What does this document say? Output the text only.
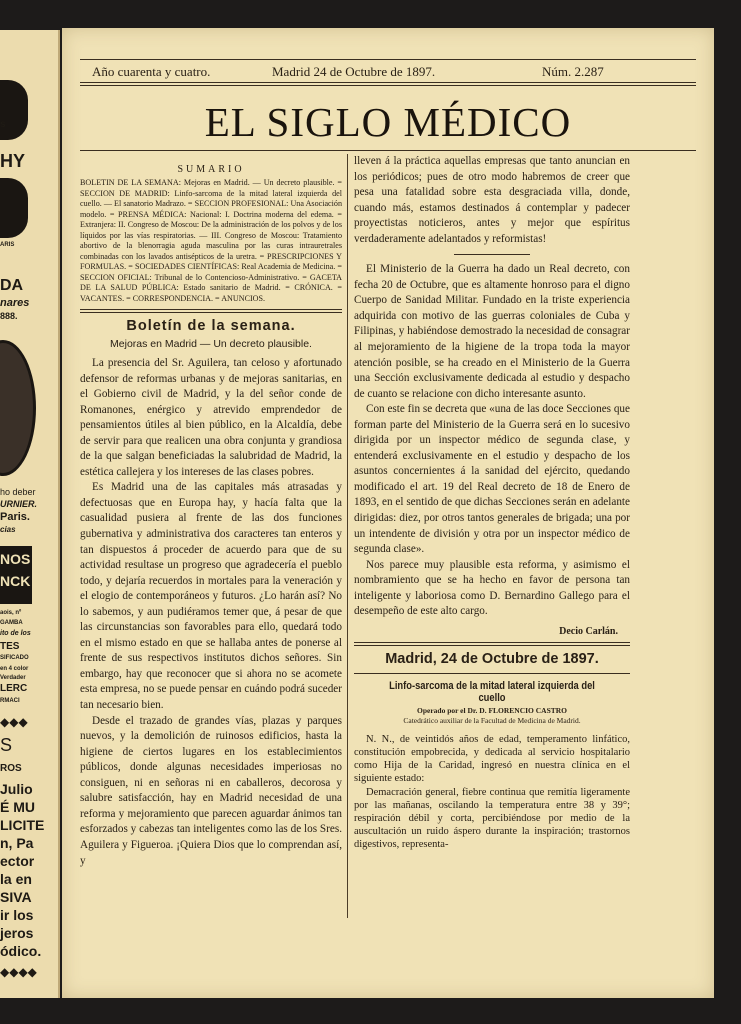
s
HY
ARIS
DA
nares
888.
ho deber
URNIER.
Paris.
cias
NOS
NCK
aois, nº
GAMBA
ito de los
TES
SIFICADO
en 4 color
Verdader
LERC
RMACI
◆◆◆
S
ROS
Julio
É MU
LICITE
n, Pa
ector
la en
SIVA
ir los
jeros
ódico.
◆◆◆◆
Año cuarenta y cuatro.	Madrid 24 de Octubre de 1897.	Núm. 2.287
EL SIGLO MÉDICO
SUMARIO

BOLETIN DE LA SEMANA: Mejoras en Madrid. — Un decreto plausible. = SECCION DE MADRID: Linfo-sarcoma de la mitad lateral izquierda del cuello. — El sanatorio Madrazo. = SECCION PROFESIONAL: Una Asociación modelo. = PRENSA MÉDICA: Nacional: I. Doctrina moderna del edema. = Extranjera: II. Congreso de Moscou: De la administración de los polvos y de los líquidos por las vías respiratorias. — III. Congreso de Moscou: Tratamiento abortivo de la blenorragia aguda masculina por las curas intrauretrales combinadas con los lavados antisépticos de la uretra. = PRESCRIPCIONES Y FORMULAS. = SOCIEDADES CIENTÍFICAS: Real Academia de Medicina. = SECCION OFICIAL: Tribunal de lo Contencioso-Administrativo. = GACETA DE LA SALUD PÚBLICA: Estado sanitario de Madrid. = CRÓNICA. = VACANTES. = CORRESPONDENCIA. = ANUNCIOS.

Boletín de la semana.
Mejoras en Madrid — Un decreto plausible.

La presencia del Sr. Aguilera, tan celoso y afortunado defensor de reformas urbanas y de mejoras sanitarias, en el Gobierno civil de Madrid, y la del señor conde de Romanones, enérgico y atrevido emprendedor de pensamientos útiles al bien público, en la Alcaldía, debe de servir para que realicen una obra conjunta y grandiosa de la que salgan beneficiadas la salubridad de Madrid, la estética callejera y los intereses de las clases pobres.

Es Madrid una de las capitales más atrasadas y defectuosas que en Europa hay, y hacía falta que la casualidad pusiera al frente de las dos funciones gubernativa y administrativa dos caracteres tan enteros y tan dispuestos á proceder de acuerdo para que de su actividad resultase un progreso que agradecería el pueblo todo, y dejaría recuerdos in mortales para la veneración y el elogio de contemporáneos y futuros. ¿Lo harán así? No lo sabemos, y aun pudiéramos temer que, á pesar de que las circunstancias son favorables para ello, quedará todo en el mismo estado en que se hallaba antes de ponerse al frente de sus respectivos institutos dichos señores. Sin embargo, hay que reconocer que si ahora no se acomete esta empresa, no se puede pensar en cuándo podrá suceder tan necesario bien.

Desde el trazado de grandes vías, plazas y parques nuevos, y la demolición de ruinosos edificios, hasta la higiene de ciertos lugares en los establecimientos públicos, donde algunas necesidades imperiosas no consiguen, ni en señoras ni en caballeros, decorosa y salubre satisfacción, hay en Madrid necesidad de una reforma y mejoramiento que parecen aguardar ánimos tan esforzados y cabezas tan inteligentes como las de los Sres. Aguilera y Figueroa. ¡Quiera Dios que lo comprendan así, y

lleven á la práctica aquellas empresas que tanto anuncian en los periódicos; pues de otro modo habremos de creer que pesa una fatalidad sobre esta desgraciada villa, donde, cuando más, estamos destinados á contemplar y padecer proyectistas noticieros, antes y mejor que espíritus verdaderamente adelantados y reformistas!

El Ministerio de la Guerra ha dado un Real decreto, con fecha 20 de Octubre, que es altamente honroso para el digno Cuerpo de Sanidad Militar. Fundado en la triste experiencia adquirida con motivo de las guerras coloniales de Cuba y Filipinas, y habiéndose demostrado la necesidad de consagrar al mejoramiento de la higiene de la tropa toda la mayor atención posible, se ha creado en el Ministerio de la Guerra una Sección exclusivamente dedicada al estudio y despacho de cuanto se relacione con dicho interesante asunto.

Con este fin se decreta que «una de las doce Secciones que forman parte del Ministerio de la Guerra será en lo sucesivo dirigida por un inspector médico de segunda clase, y entenderá exclusivamente en el estudio y despacho de los asuntos concernientes á la sanidad del ejército, quedando modificado el art. 19 del Real decreto de 18 de Enero de 1893, en el sentido de que dichas Secciones serán en adelante dirigidas: diez, por otros tantos generales de brigada; una por un intendente de división y otra por un inspector médico de segunda clase».

Nos parece muy plausible esta reforma, y asimismo el nombramiento que se ha hecho en favor de persona tan inteligente y laboriosa como D. Bernardino Gallego para el desempeño de este alto cargo.

Decio Carlán.
Madrid, 24 de Octubre de 1897.
Linfo-sarcoma de la mitad lateral izquierda del cuello
Operado por el Dr. D. FLORENCIO CASTRO
Catedrático auxiliar de la Facultad de Medicina de Madrid.

N. N., de veintidós años de edad, temperamento linfático, constitución empobrecida, y dedicada al servicio hospitalario como Hija de la Caridad, ingresó en nuestra clínica en el siguiente estado:

Demacración general, fiebre continua que remitía ligeramente por las mañanas, oscilando la temperatura entre 38 y 39°; respiración débil y corta, percibiéndose por medio de la auscultación un ruido áspero durante la inspiración; trastornos digestivos, representa-
